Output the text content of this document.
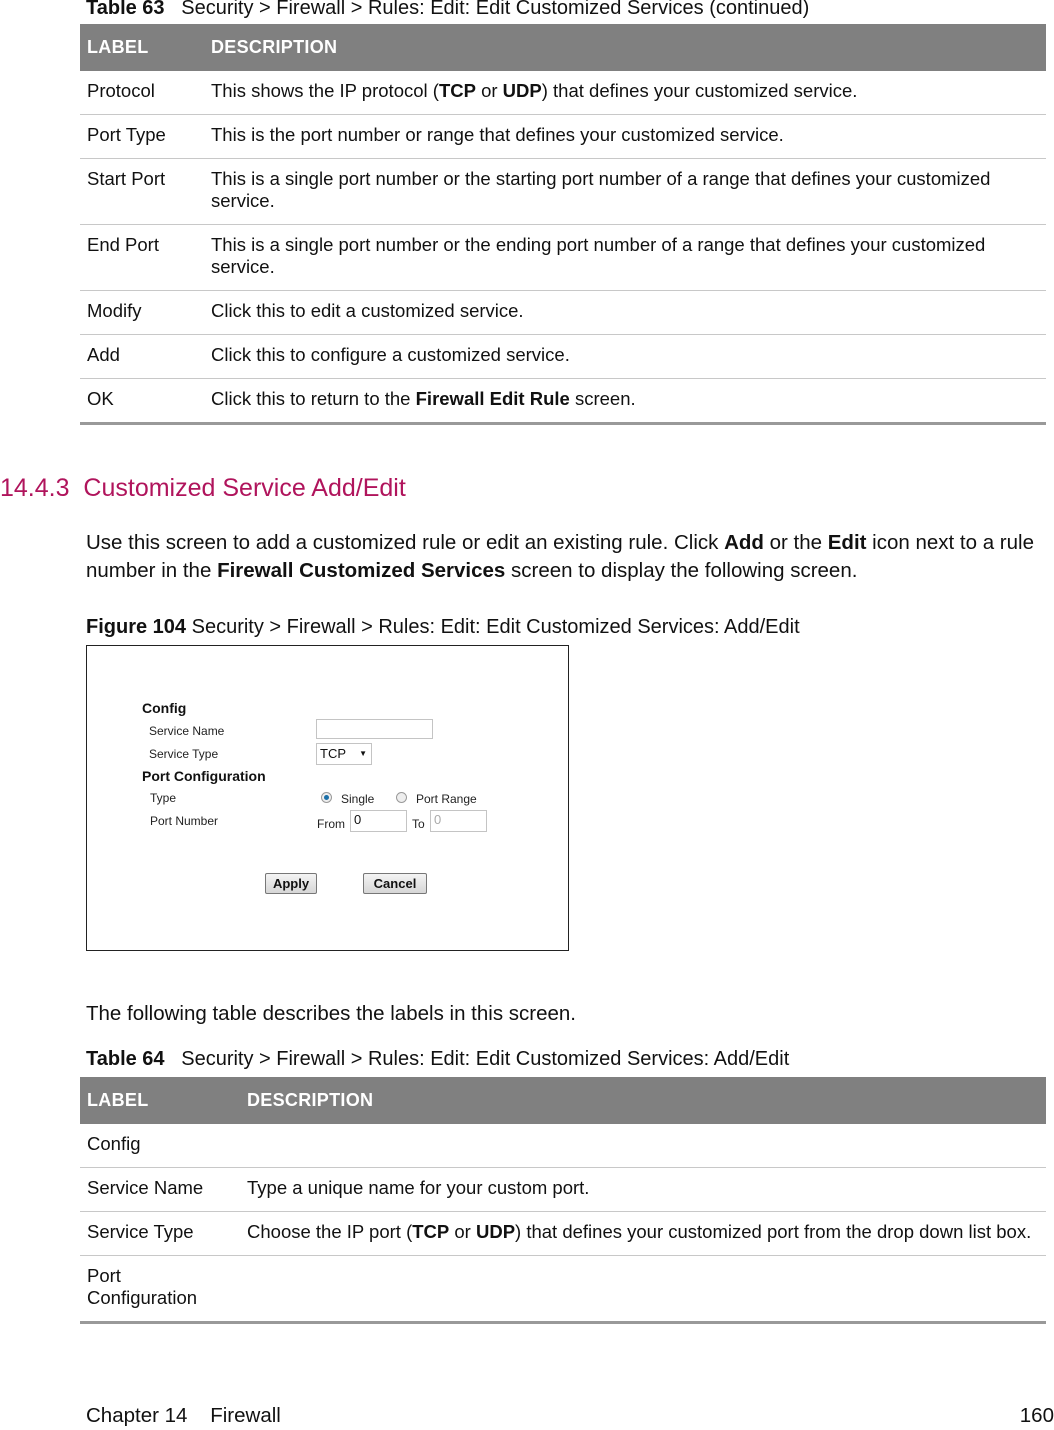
Table 63 Security > Firewall > Rules: Edit: Edit Customized Services (continued)
LABEL	DESCRIPTION
Protocol	This shows the IP protocol (TCP or UDP) that defines your customized service.
Port Type	This is the port number or range that defines your customized service.
Start Port	This is a single port number or the starting port number of a range that defines your customized service.
End Port	This is a single port number or the ending port number of a range that defines your customized service.
Modify	Click this to edit a customized service.
Add	Click this to configure a customized service.
OK	Click this to return to the Firewall Edit Rule screen.
14.4.3 Customized Service Add/Edit
Use this screen to add a customized rule or edit an existing rule. Click Add or the Edit icon next to a rule number in the Firewall Customized Services screen to display the following screen.
Figure 104 Security > Firewall > Rules: Edit: Edit Customized Services: Add/Edit
Config
Service Name
Service Type	TCP ▼
Port Configuration
Type	Single	Port Range
Port Number	From 0	To 0
Apply	Cancel
The following table describes the labels in this screen.
Table 64 Security > Firewall > Rules: Edit: Edit Customized Services: Add/Edit
LABEL	DESCRIPTION
Config	
Service Name	Type a unique name for your custom port.
Service Type	Choose the IP port (TCP or UDP) that defines your customized port from the drop down list box.
Port Configuration	
Chapter 14 Firewall	160
